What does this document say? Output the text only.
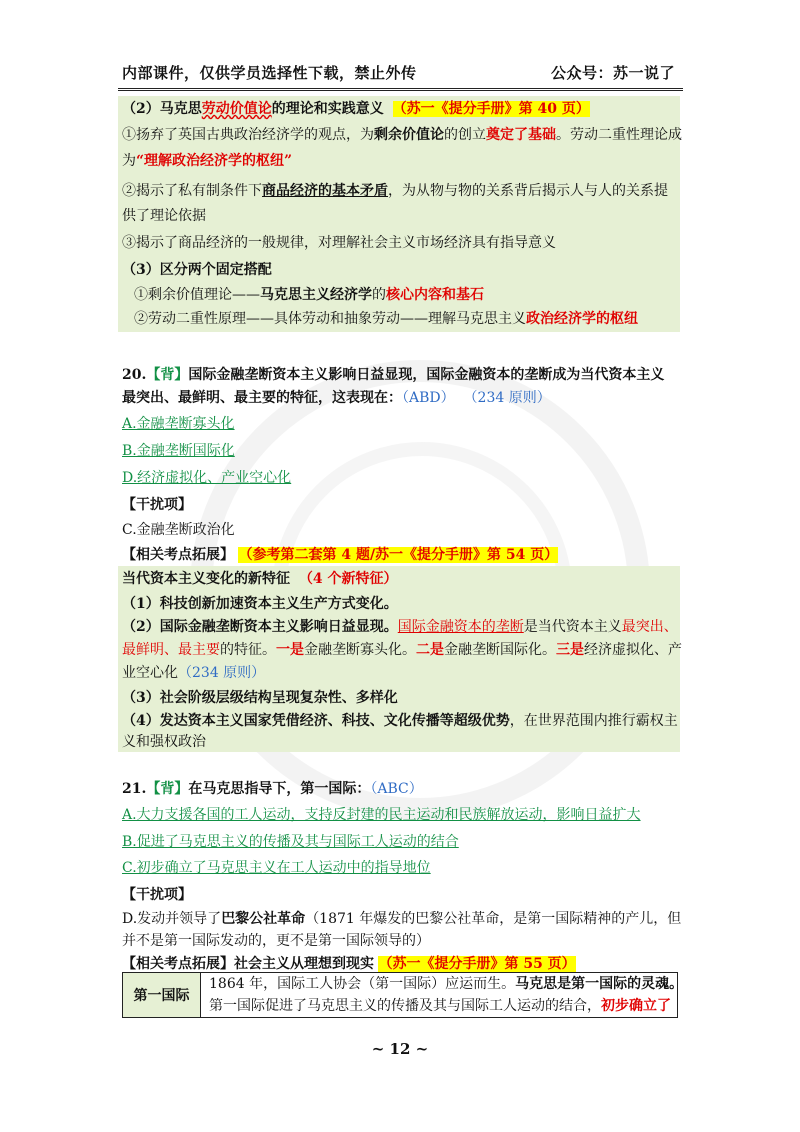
内部课件，仅供学员选择性下载，禁止外传	公众号：苏一说了
（2）马克思劳动价值论的理论和实践意义 （苏一《提分手册》第 40 页）
①扬弃了英国古典政治经济学的观点，为剩余价值论的创立奠定了基础。劳动二重性理论成
为“理解政治经济学的枢纽”
②揭示了私有制条件下商品经济的基本矛盾，为从物与物的关系背后揭示人与人的关系提
供了理论依据
③揭示了商品经济的一般规律，对理解社会主义市场经济具有指导意义
（3）区分两个固定搭配
①剩余价值理论——马克思主义经济学的核心内容和基石
②劳动二重性原理——具体劳动和抽象劳动——理解马克思主义政治经济学的枢纽
20.【背】国际金融垄断资本主义影响日益显现，国际金融资本的垄断成为当代资本主义
最突出、最鲜明、最主要的特征，这表现在：（ABD） （234 原则）
A.金融垄断寡头化
B.金融垄断国际化
D.经济虚拟化、产业空心化
【干扰项】
C.金融垄断政治化
【相关考点拓展】 （参考第二套第 4 题/苏一《提分手册》第 54 页）
当代资本主义变化的新特征 （4 个新特征）
（1）科技创新加速资本主义生产方式变化。
（2）国际金融垄断资本主义影响日益显现。国际金融资本的垄断是当代资本主义最突出、
最鲜明、最主要的特征。一是金融垄断寡头化。二是金融垄断国际化。三是经济虚拟化、产
业空心化（234 原则）
（3）社会阶级层级结构呈现复杂性、多样化
（4）发达资本主义国家凭借经济、科技、文化传播等超级优势，在世界范围内推行霸权主
义和强权政治
21.【背】在马克思指导下，第一国际：（ABC）
A.大力支援各国的工人运动，支持反封建的民主运动和民族解放运动，影响日益扩大
B.促进了马克思主义的传播及其与国际工人运动的结合
C.初步确立了马克思主义在工人运动中的指导地位
【干扰项】
D.发动并领导了巴黎公社革命（1871 年爆发的巴黎公社革命，是第一国际精神的产儿，但
并不是第一国际发动的，更不是第一国际领导的）
【相关考点拓展】社会主义从理想到现实 （苏一《提分手册》第 55 页）
第一国际
1864 年，国际工人协会（第一国际）应运而生。马克思是第一国际的灵魂。
第一国际促进了马克思主义的传播及其与国际工人运动的结合，初步确立了
~ 12 ~
